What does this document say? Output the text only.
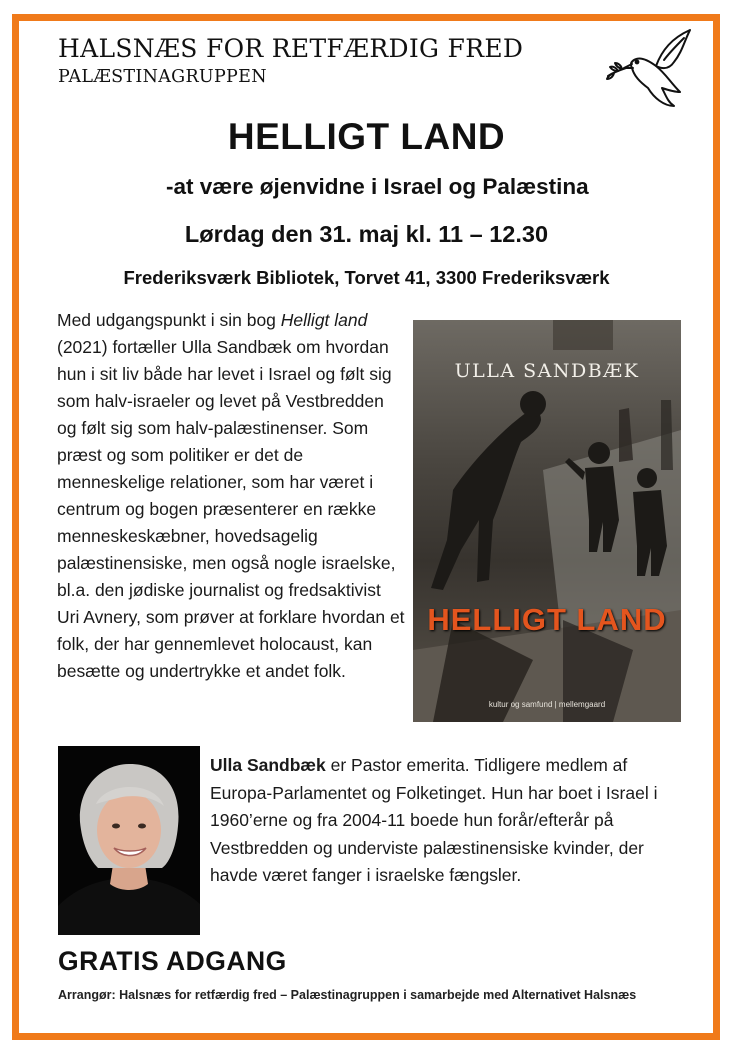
HALSNÆS FOR RETFÆRDIG FRED
PALÆSTINAGRUPPEN
HELLIGT LAND
-at være øjenvidne i Israel og Palæstina
Lørdag den 31. maj kl. 11 – 12.30
Frederiksværk Bibliotek, Torvet 41, 3300 Frederiksværk
Med udgangspunkt i sin bog Helligt land (2021) fortæller Ulla Sandbæk om hvordan hun i sit liv både har levet i Israel og følt sig som halv-israeler og levet på Vestbredden og følt sig som halv-palæstinenser. Som præst og som politiker er det de menneskelige relationer, som har været i centrum og bogen præsenterer en række menneskeskæbner, hovedsagelig palæstinensiske, men også nogle israelske, bl.a. den jødiske journalist og fredsaktivist Uri Avnery, som prøver at forklare hvordan et folk, der har gennemlevet holocaust, kan besætte og undertrykke et andet folk.
ULLA SANDBÆK
HELLIGT LAND
kultur og samfund | mellemgaard
Ulla Sandbæk er Pastor emerita. Tidligere medlem af Europa-Parlamentet og Folketinget. Hun har boet i Israel i 1960’erne og fra 2004-11 boede hun forår/efterår på Vestbredden og underviste palæstinensiske kvinder, der havde været fanger i israelske fængsler.
GRATIS ADGANG
Arrangør: Halsnæs for retfærdig fred – Palæstinagruppen i samarbejde med Alternativet Halsnæs
